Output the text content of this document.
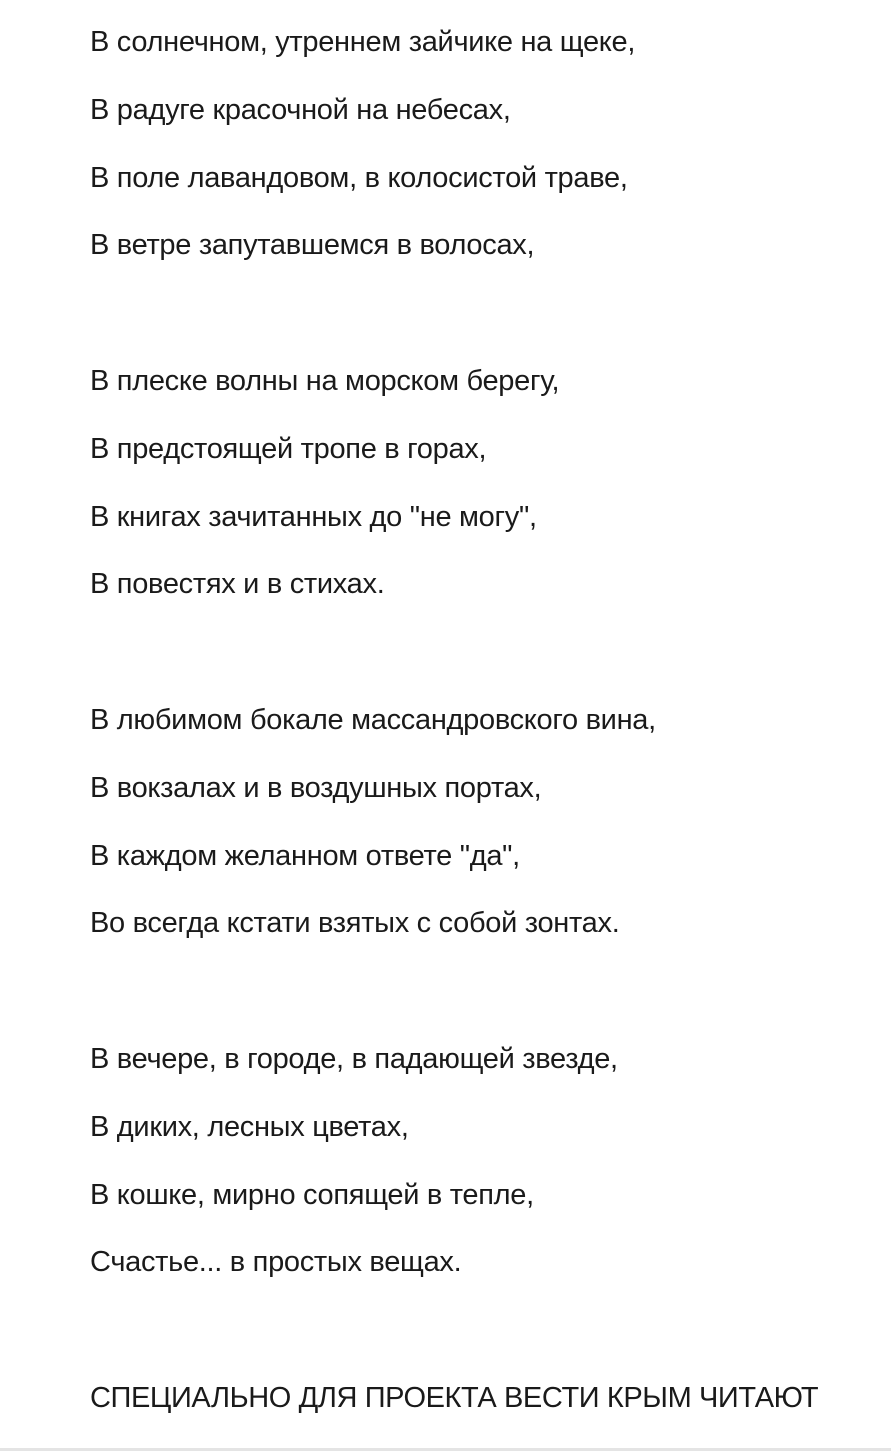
В солнечном, утреннем зайчике на щеке,
В радуге красочной на небесах,
В поле лавандовом, в колосистой траве,
В ветре запутавшемся в волосах,
В плеске волны на морском берегу,
В предстоящей тропе в горах,
В книгах зачитанных до "не могу",
В повестях и в стихах.
В любимом бокале массандровского вина,
В вокзалах и в воздушных портах,
В каждом желанном ответе "да",
Во всегда кстати взятых с собой зонтах.
В вечере, в городе, в падающей звезде,
В диких, лесных цветах,
В кошке, мирно сопящей в тепле,
Счастье... в простых вещах.
СПЕЦИАЛЬНО ДЛЯ ПРОЕКТА ВЕСТИ КРЫМ ЧИТАЮТ
